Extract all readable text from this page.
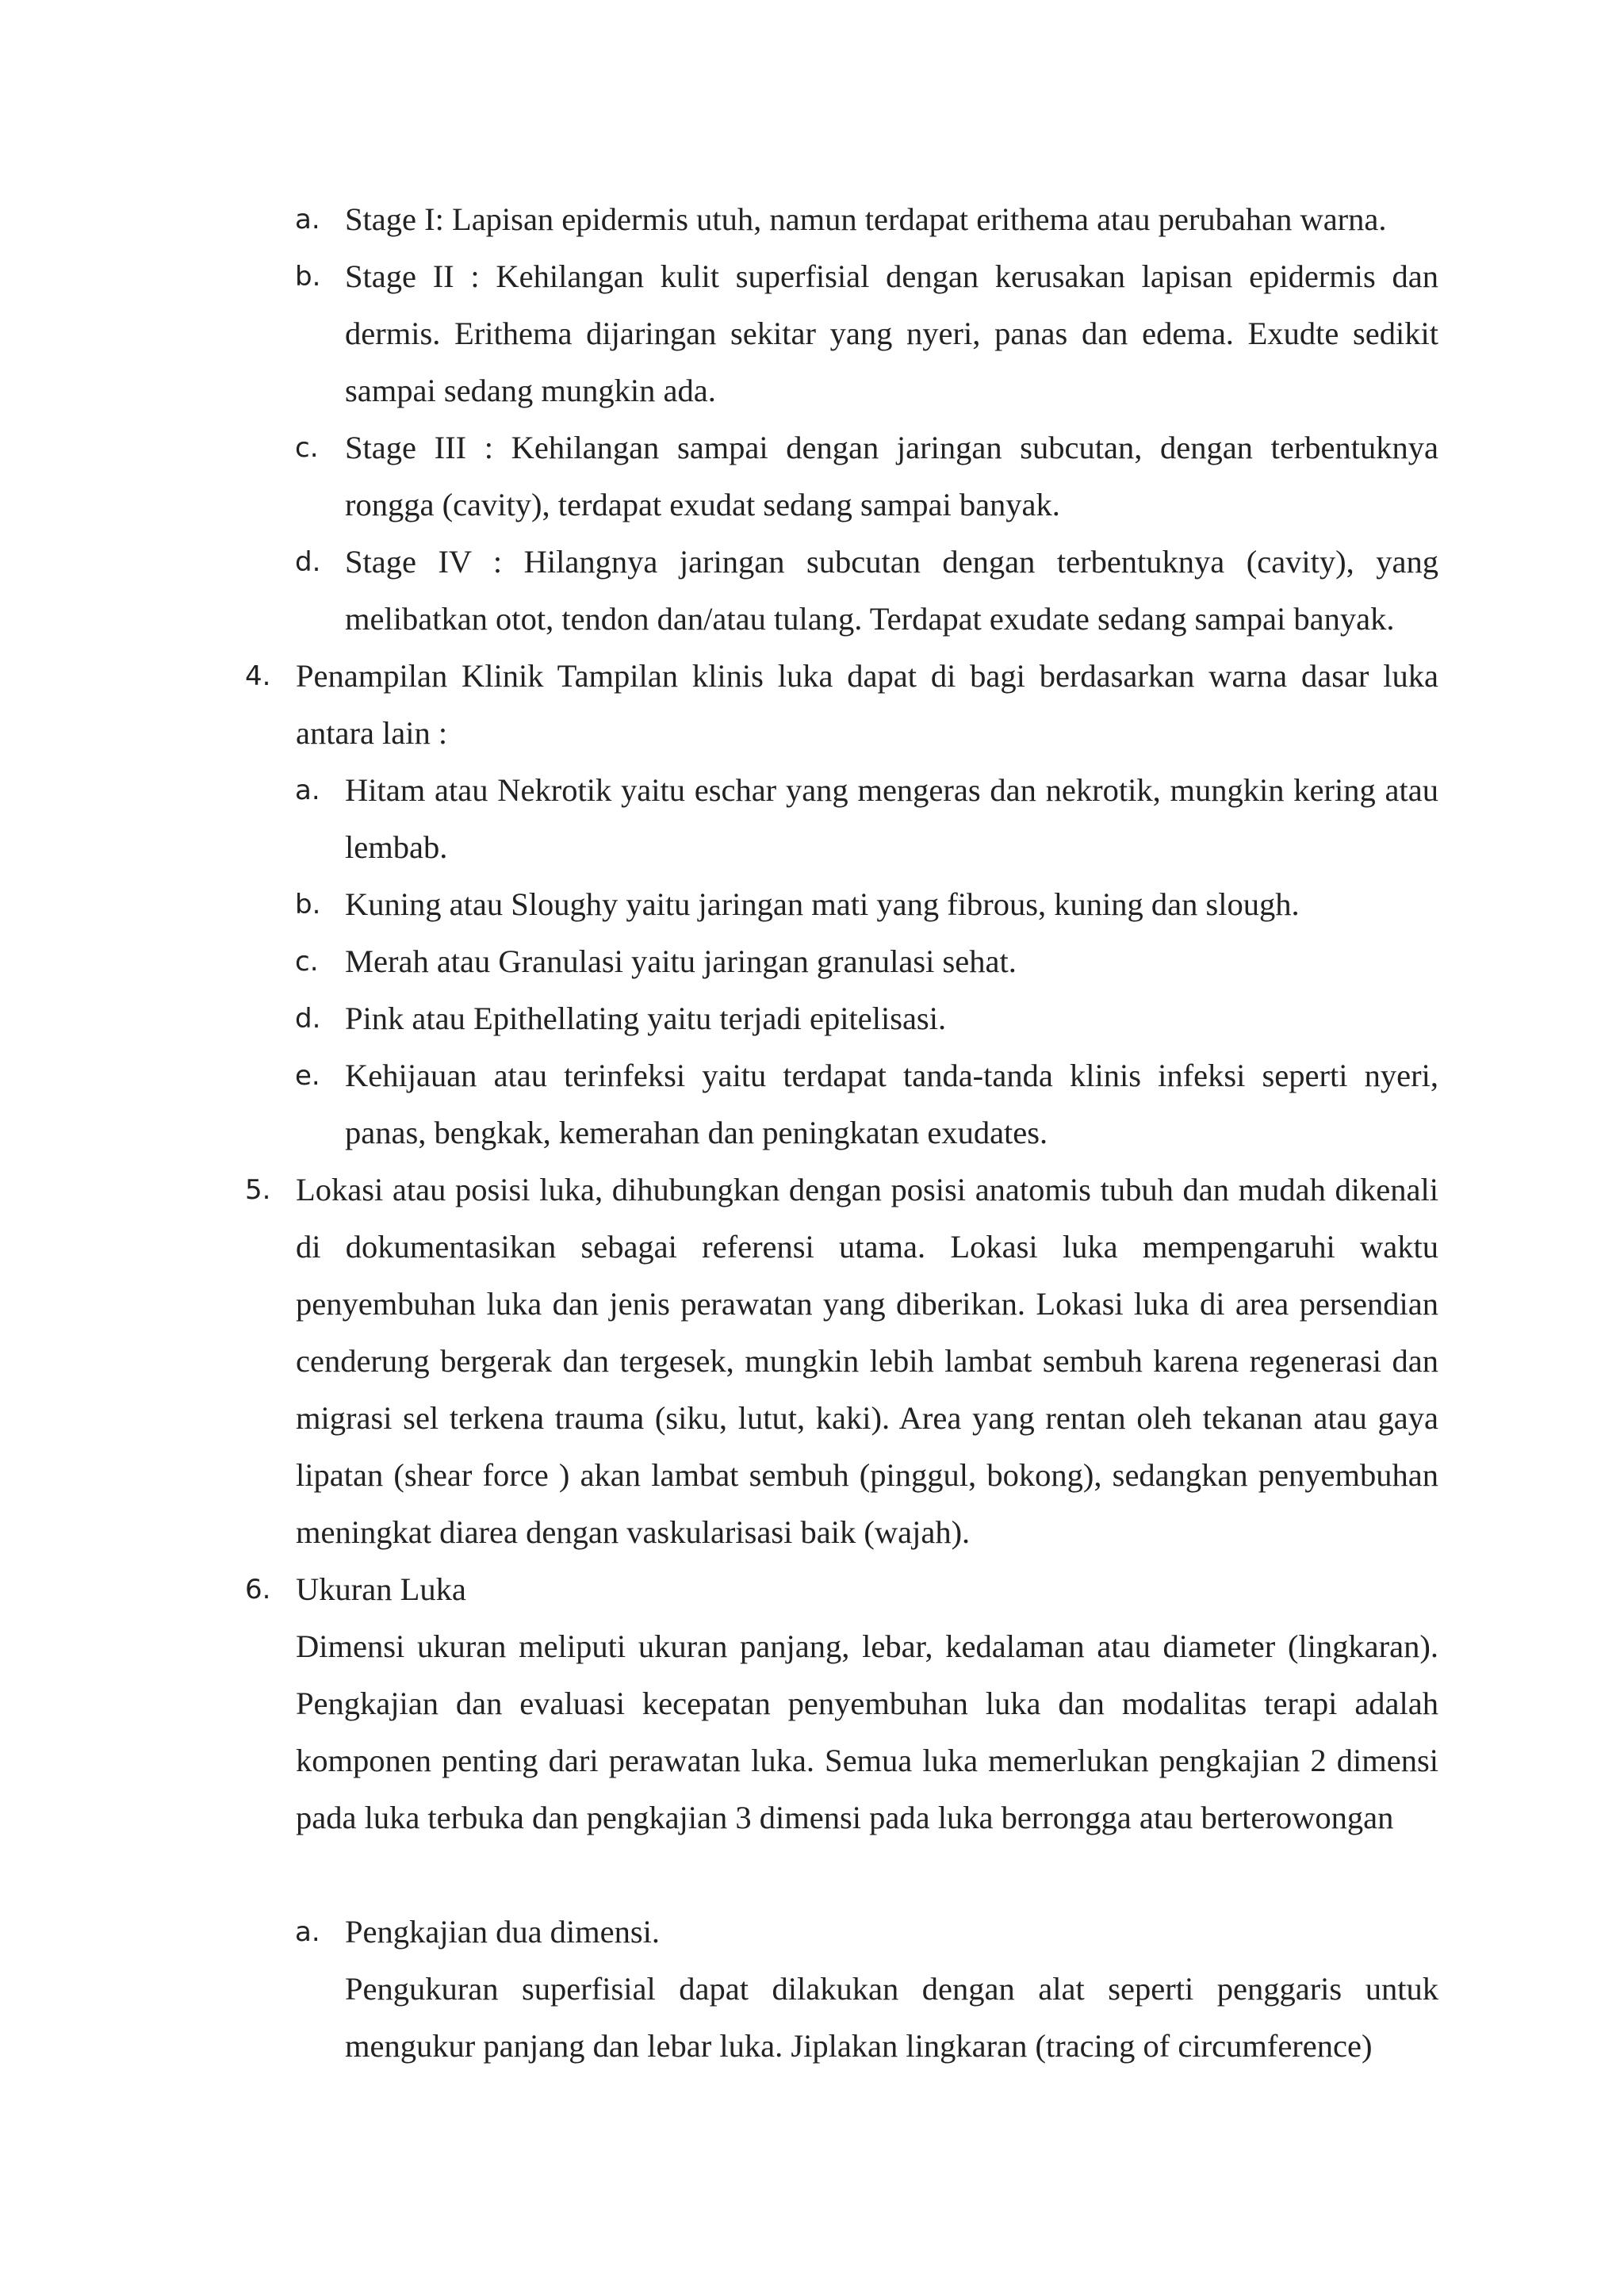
a. Stage I: Lapisan epidermis utuh, namun terdapat erithema atau perubahan warna.

b. Stage II : Kehilangan kulit superfisial dengan kerusakan lapisan epidermis dan dermis. Erithema dijaringan sekitar yang nyeri, panas dan edema. Exudte sedikit sampai sedang mungkin ada.

c. Stage III : Kehilangan sampai dengan jaringan subcutan, dengan terbentuknya rongga (cavity), terdapat exudat sedang sampai banyak.

d. Stage IV : Hilangnya jaringan subcutan dengan terbentuknya (cavity), yang melibatkan otot, tendon dan/atau tulang. Terdapat exudate sedang sampai banyak.

4. Penampilan Klinik Tampilan klinis luka dapat di bagi berdasarkan warna dasar luka antara lain :

a. Hitam atau Nekrotik yaitu eschar yang mengeras dan nekrotik, mungkin kering atau lembab.

b. Kuning atau Sloughy yaitu jaringan mati yang fibrous, kuning dan slough.

c. Merah atau Granulasi yaitu jaringan granulasi sehat.

d. Pink atau Epithellating yaitu terjadi epitelisasi.

e. Kehijauan atau terinfeksi yaitu terdapat tanda-tanda klinis infeksi seperti nyeri, panas, bengkak, kemerahan dan peningkatan exudates.

5. Lokasi atau posisi luka, dihubungkan dengan posisi anatomis tubuh dan mudah dikenali di dokumentasikan sebagai referensi utama. Lokasi luka mempengaruhi waktu penyembuhan luka dan jenis perawatan yang diberikan. Lokasi luka di area persendian cenderung bergerak dan tergesek, mungkin lebih lambat sembuh karena regenerasi dan migrasi sel terkena trauma (siku, lutut, kaki). Area yang rentan oleh tekanan atau gaya lipatan (shear force ) akan lambat sembuh (pinggul, bokong), sedangkan penyembuhan meningkat diarea dengan vaskularisasi baik (wajah).

6. Ukuran Luka

Dimensi ukuran meliputi ukuran panjang, lebar, kedalaman atau diameter (lingkaran). Pengkajian dan evaluasi kecepatan penyembuhan luka dan modalitas terapi adalah komponen penting dari perawatan luka. Semua luka memerlukan pengkajian 2 dimensi pada luka terbuka dan pengkajian 3 dimensi pada luka berrongga atau berterowongan

a. Pengkajian dua dimensi.

Pengukuran superfisial dapat dilakukan dengan alat seperti penggaris untuk mengukur panjang dan lebar luka. Jiplakan lingkaran (tracing of circumference)
